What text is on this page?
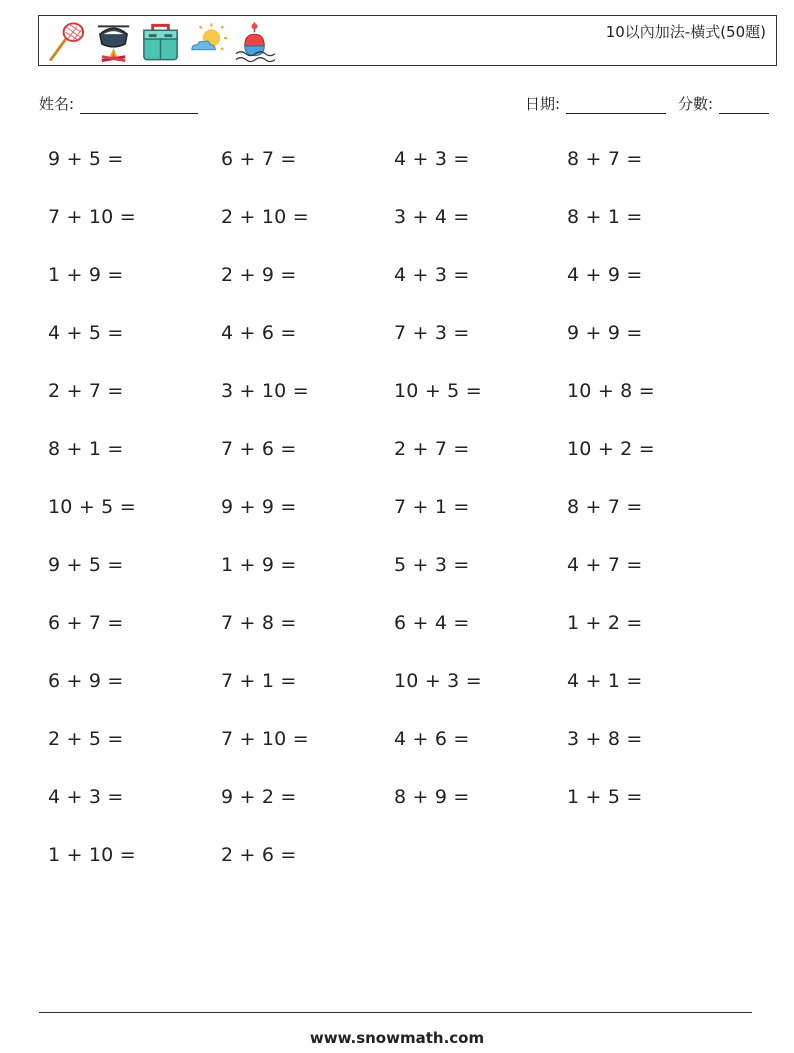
10以內加法-橫式(50題)
姓名:	日期:	分數:
9 + 5 =	6 + 7 =	4 + 3 =	8 + 7 =
7 + 10 =	2 + 10 =	3 + 4 =	8 + 1 =
1 + 9 =	2 + 9 =	4 + 3 =	4 + 9 =
4 + 5 =	4 + 6 =	7 + 3 =	9 + 9 =
2 + 7 =	3 + 10 =	10 + 5 =	10 + 8 =
8 + 1 =	7 + 6 =	2 + 7 =	10 + 2 =
10 + 5 =	9 + 9 =	7 + 1 =	8 + 7 =
9 + 5 =	1 + 9 =	5 + 3 =	4 + 7 =
6 + 7 =	7 + 8 =	6 + 4 =	1 + 2 =
6 + 9 =	7 + 1 =	10 + 3 =	4 + 1 =
2 + 5 =	7 + 10 =	4 + 6 =	3 + 8 =
4 + 3 =	9 + 2 =	8 + 9 =	1 + 5 =
1 + 10 =	2 + 6 =
www.snowmath.com
